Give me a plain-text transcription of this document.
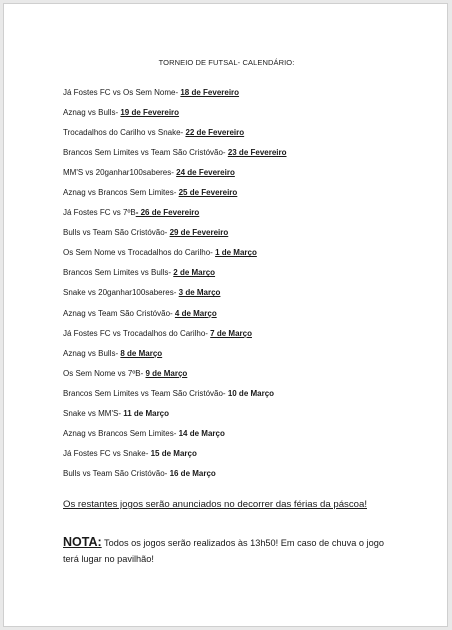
TORNEIO DE FUTSAL- CALENDÁRIO:
Já Fostes FC vs Os Sem Nome- 18 de Fevereiro
Aznag vs Bulls- 19 de Fevereiro
Trocadalhos do Carilho vs Snake- 22 de Fevereiro
Brancos Sem Limites vs Team São Cristóvão- 23 de Fevereiro
MM'S vs 20ganhar100saberes- 24 de Fevereiro
Aznag vs Brancos Sem Limites- 25 de Fevereiro
Já Fostes FC vs 7ºB- 26 de Fevereiro
Bulls vs Team São Cristóvão- 29 de Fevereiro
Os Sem Nome vs Trocadalhos do Carilho- 1 de Março
Brancos Sem Limites vs Bulls- 2 de Março
Snake vs 20ganhar100saberes- 3 de Março
Aznag vs Team São Cristóvão- 4 de Março
Já Fostes FC vs Trocadalhos do Carilho- 7 de Março
Aznag vs Bulls- 8 de Março
Os Sem Nome vs 7ºB- 9 de Março
Brancos Sem Limites vs Team São Cristóvão- 10 de Março
Snake vs MM'S- 11 de Março
Aznag vs Brancos Sem Limites- 14 de Março
Já Fostes FC vs Snake- 15 de Março
Bulls vs Team São Cristóvão- 16 de Março
Os restantes jogos serão anunciados no decorrer das férias da páscoa!
NOTA: Todos os jogos serão realizados às 13h50! Em caso de chuva o jogo terá lugar no pavilhão!
